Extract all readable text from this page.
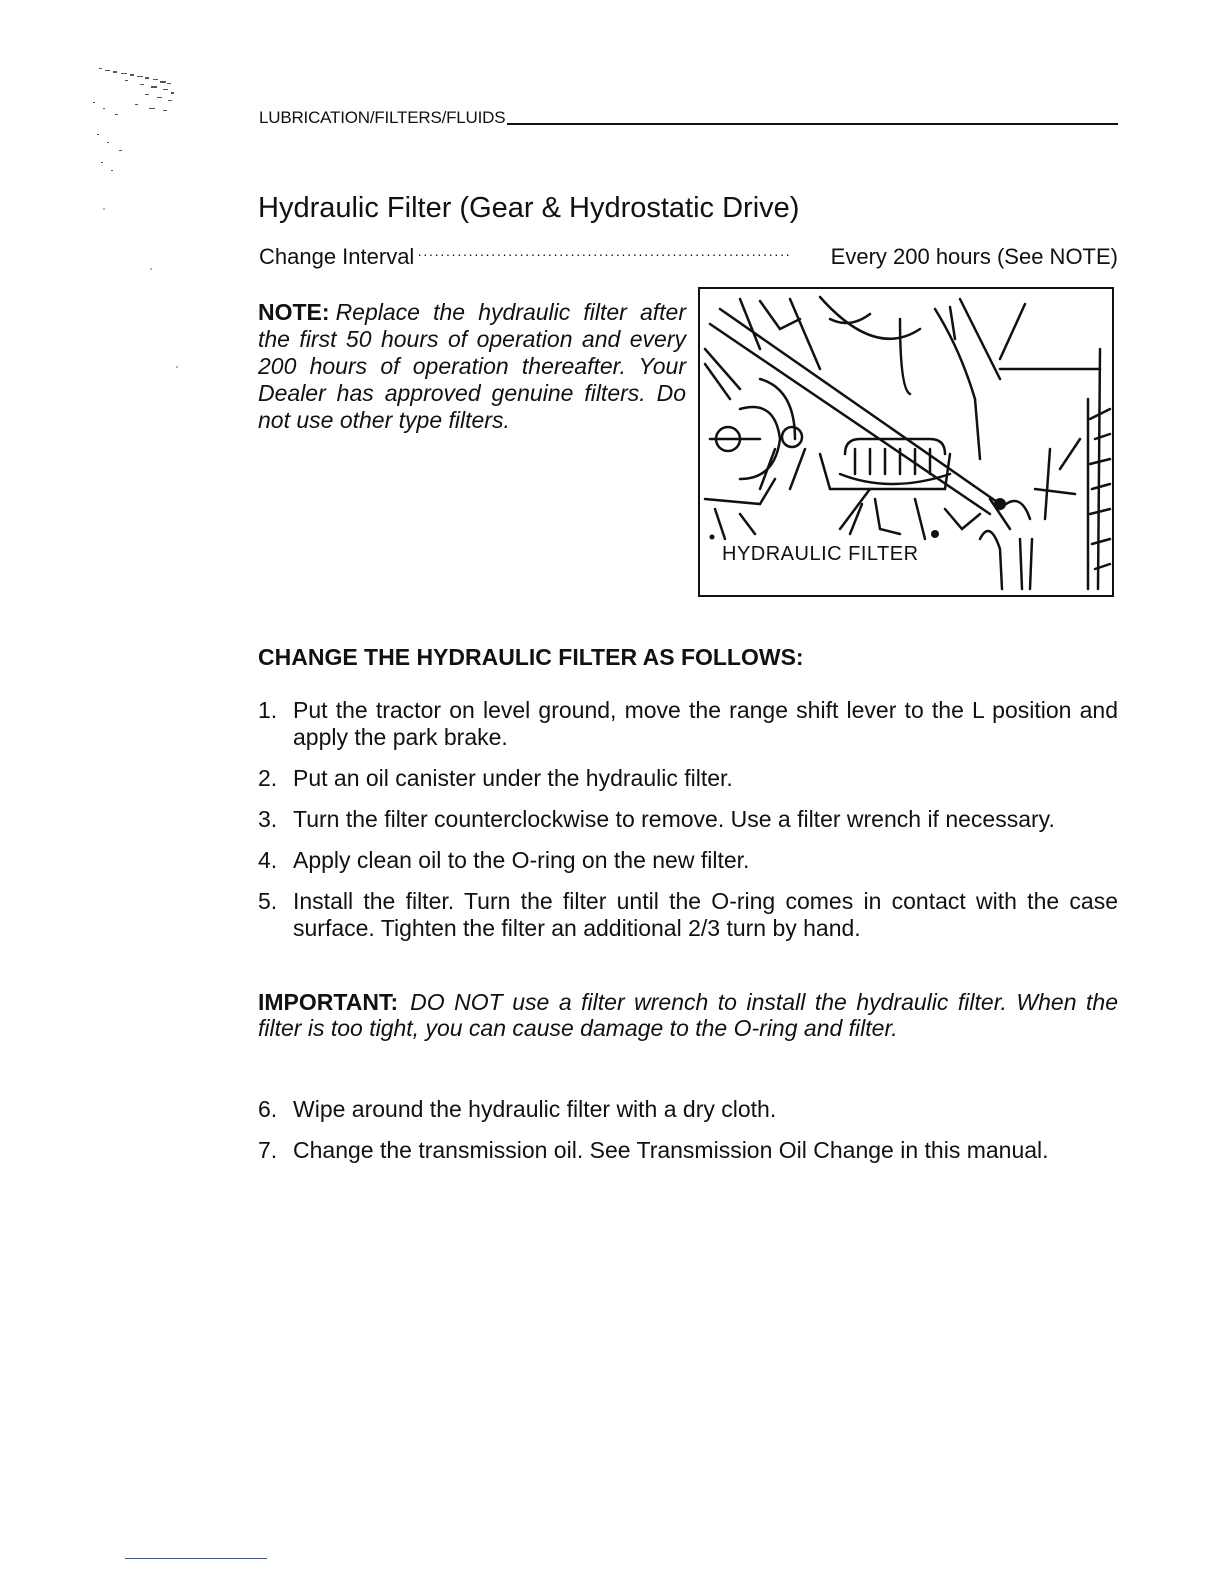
LUBRICATION/FILTERS/FLUIDS
Hydraulic Filter (Gear & Hydrostatic Drive)
Change Interval ··································································	Every 200 hours (See NOTE)

NOTE: Replace the hydraulic filter after the first 50 hours of operation and every 200 hours of operation thereafter. Your Dealer has approved genuine filters. Do not use other type filters.

HYDRAULIC FILTER
CHANGE THE HYDRAULIC FILTER AS FOLLOWS:
1. Put the tractor on level ground, move the range shift lever to the L position and apply the park brake.
2. Put an oil canister under the hydraulic filter.
3. Turn the filter counterclockwise to remove. Use a filter wrench if necessary.
4. Apply clean oil to the O-ring on the new filter.
5. Install the filter. Turn the filter until the O-ring comes in contact with the case surface. Tighten the filter an additional 2/3 turn by hand.

IMPORTANT: DO NOT use a filter wrench to install the hydraulic filter. When the filter is too tight, you can cause damage to the O-ring and filter.

6. Wipe around the hydraulic filter with a dry cloth.
7. Change the transmission oil. See Transmission Oil Change in this manual.
